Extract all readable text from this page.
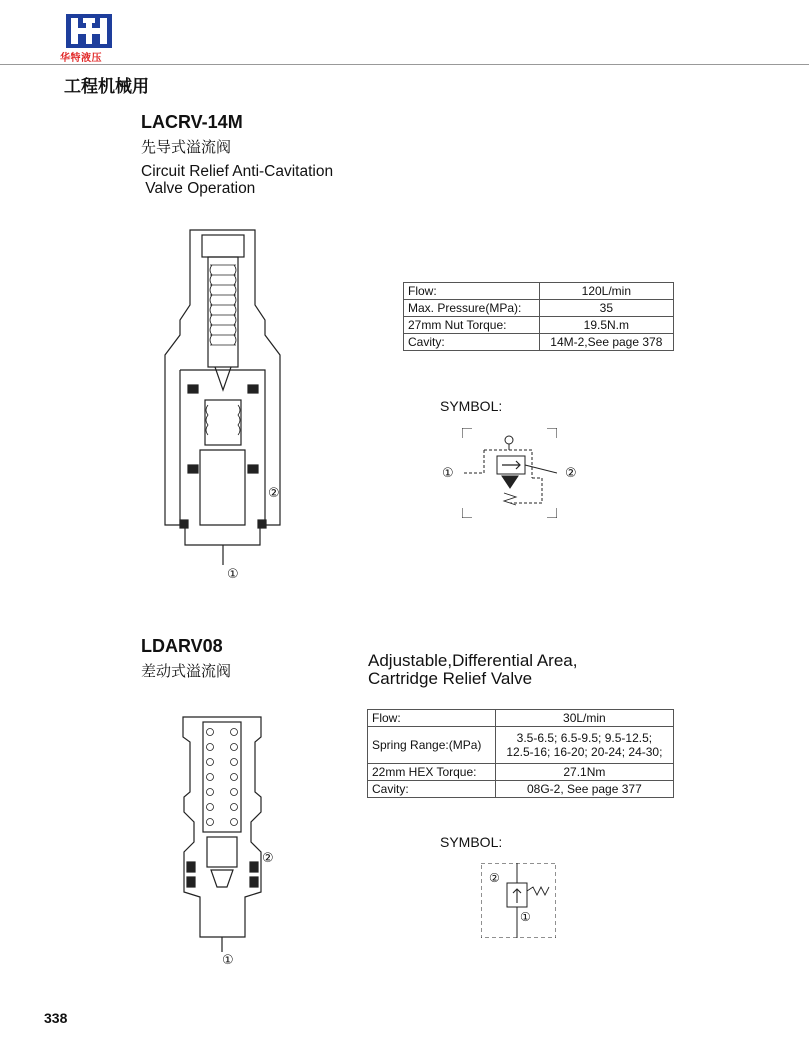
华特液压
工程机械用
LACRV-14M
先导式溢流阀
Circuit Relief Anti-Cavitation
Valve Operation
②
①
Flow:	120L/min
Max. Pressure(MPa):	35
27mm Nut Torque:	19.5N.m
Cavity:	14M-2,See page 378
SYMBOL:
①	②
LDARV08
差动式溢流阀
Adjustable,Differential Area,
Cartridge Relief Valve
②
①
Flow:	30L/min
Spring Range:(MPa)	3.5-6.5; 6.5-9.5; 9.5-12.5;
12.5-16; 16-20; 20-24; 24-30;

22mm HEX Torque:	27.1Nm
Cavity:	08G-2, See page 377
SYMBOL:
②
①
338
